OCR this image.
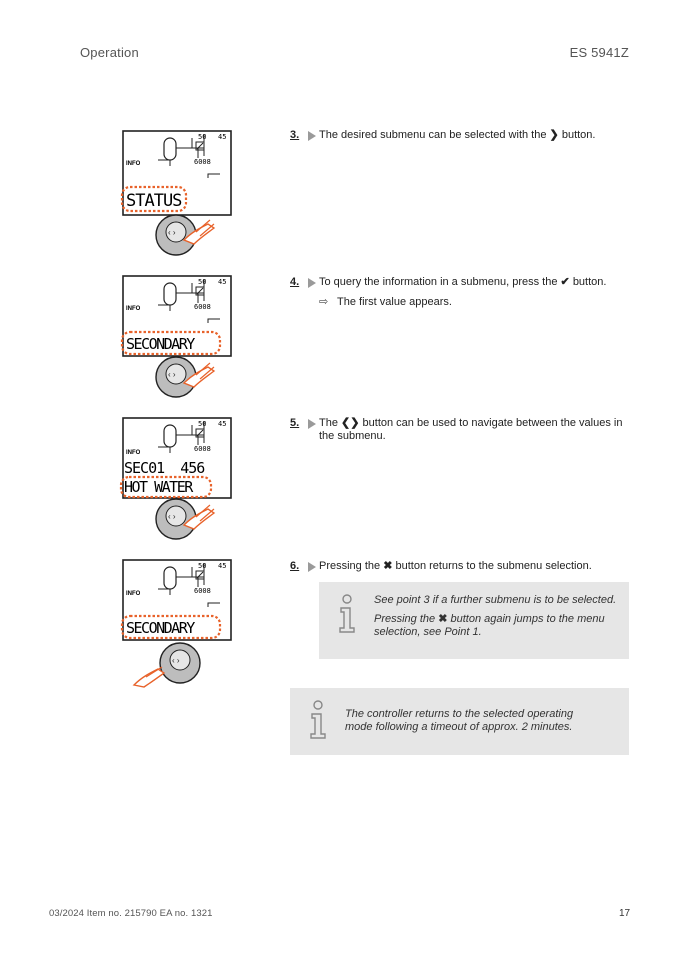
Operation	ES 5941Z
50 45
6008
INFO
STATUS
‹ ›
50 45
6008
INFO
SECONDARY
‹ ›
50 45
6008
INFO
SEC01  456
HOT WATER
‹ ›
50 45
6008
INFO
SECONDARY
‹ ›
3.	The desired submenu can be selected with the ❯ button.
4.	To query the information in a submenu, press the ✔ button.
⇨ The first value appears.
5.	The ❮❯ button can be used to navigate between the values in the submenu.
6.	Pressing the ✖ button returns to the submenu selection.

See point 3 if a further submenu is to be selected.

Pressing the ✖ button again jumps to the menu selection, see Point 1.

The controller returns to the selected operating mode following a timeout of approx. 2 minutes.
03/2024 Item no. 215790 EA no. 1321	17
